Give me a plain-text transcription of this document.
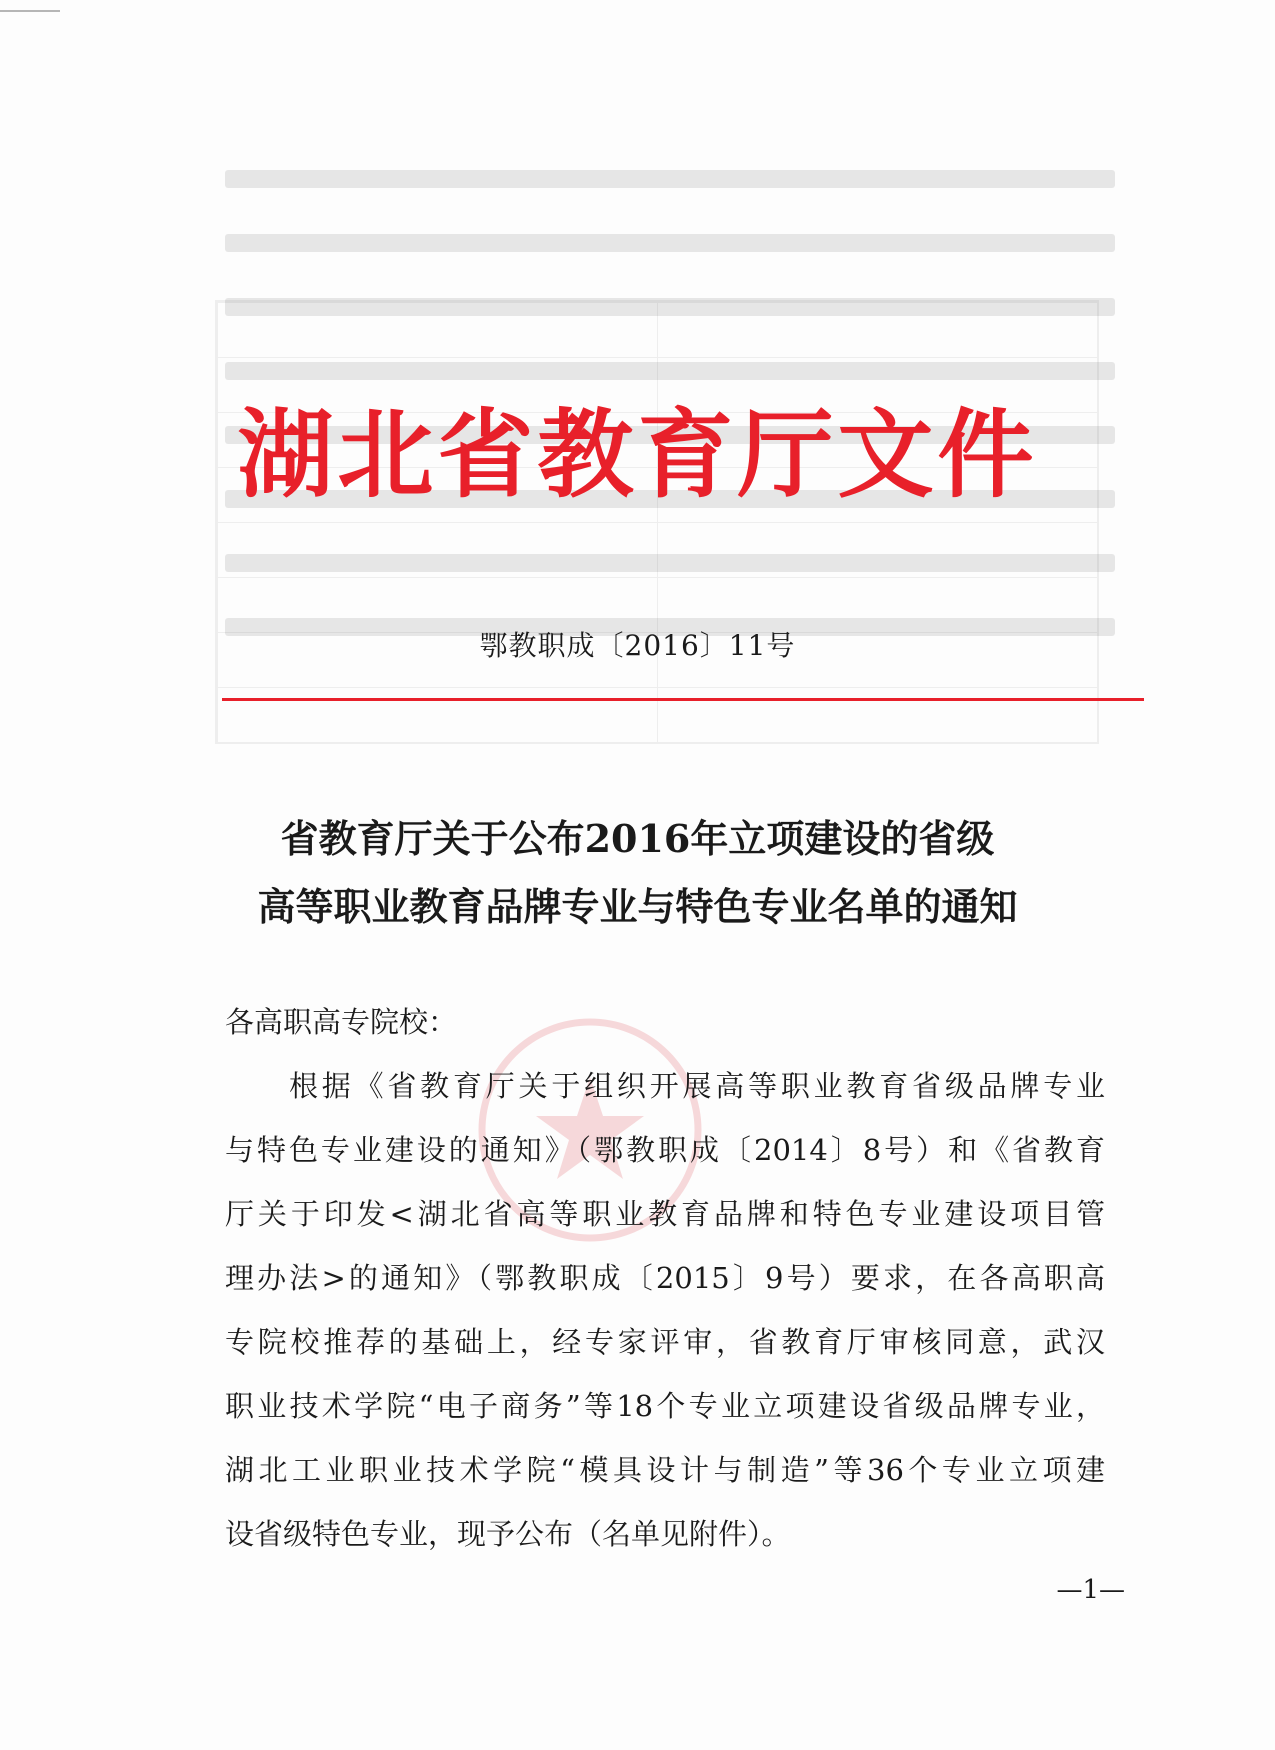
湖北省教育厅文件
鄂教职成〔2016〕11号
省教育厅关于公布2016年立项建设的省级
高等职业教育品牌专业与特色专业名单的通知
各高职高专院校：
根据《省教育厅关于组织开展高等职业教育省级品牌专业
与特色专业建设的通知》（鄂教职成〔2014〕8号）和《省教育
厅关于印发<湖北省高等职业教育品牌和特色专业建设项目管
理办法>的通知》（鄂教职成〔2015〕9号）要求，在各高职高
专院校推荐的基础上，经专家评审，省教育厅审核同意，武汉
职业技术学院“电子商务”等18个专业立项建设省级品牌专业，
湖北工业职业技术学院“模具设计与制造”等36个专业立项建
设省级特色专业，现予公布（名单见附件）。
—1—
